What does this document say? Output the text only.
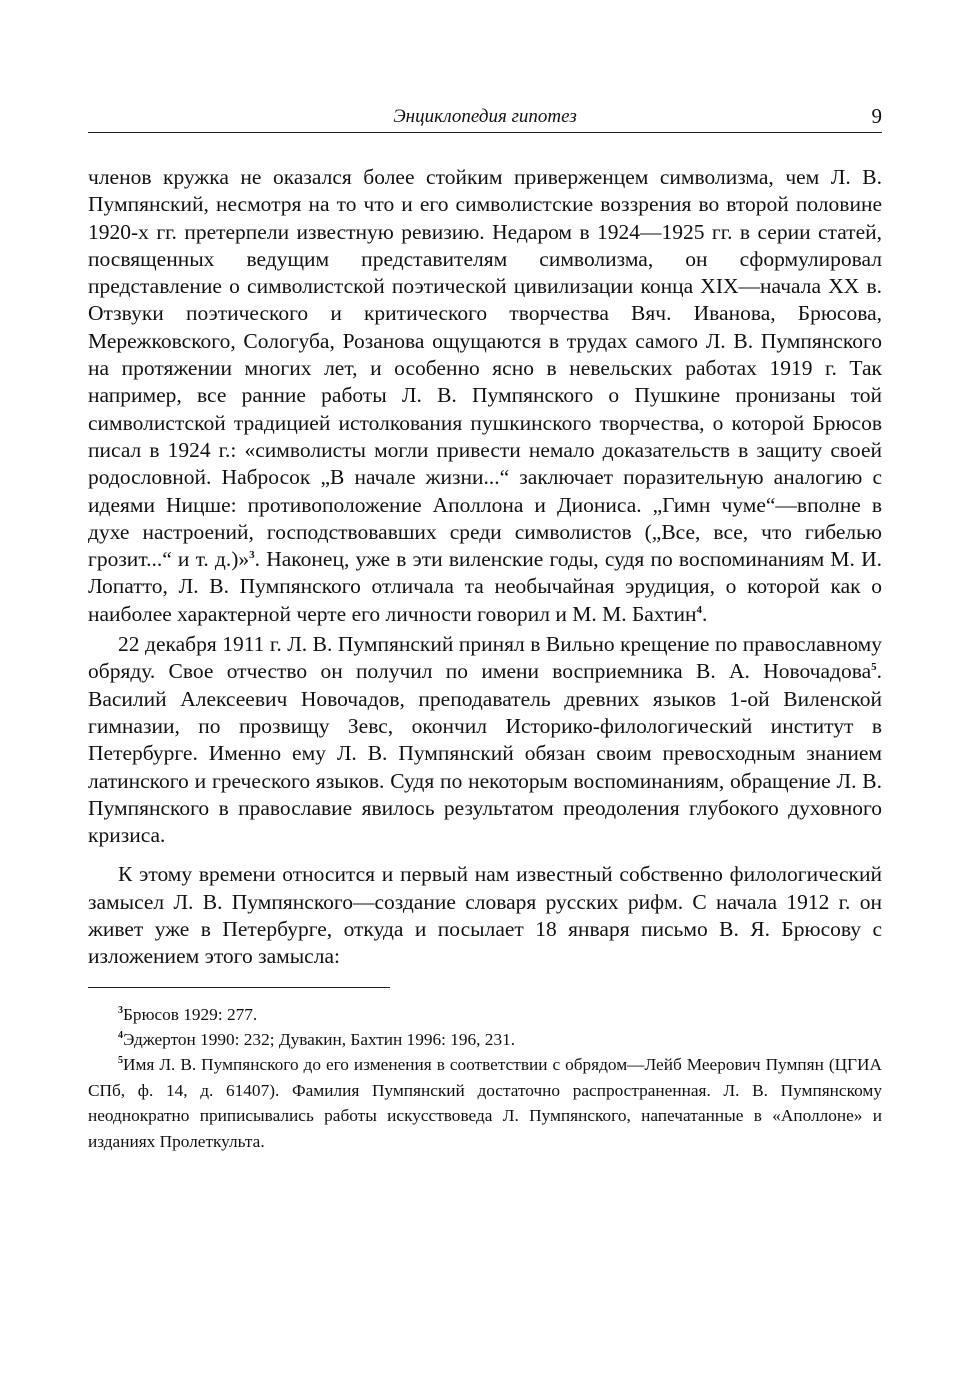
Энциклопедия гипотез	9

членов кружка не оказался более стойким приверженцем символизма, чем Л. В. Пумпянский, несмотря на то что и его символистские воззрения во второй половине 1920-х гг. претерпели известную ревизию. Недаром в 1924—1925 гг. в серии статей, посвященных ведущим представителям символизма, он сформулировал представление о символистской поэтической цивилизации конца XIX—начала XX в. Отзвуки поэтического и критического творчества Вяч. Иванова, Брюсова, Мережковского, Сологуба, Розанова ощущаются в трудах самого Л. В. Пумпянского на протяжении многих лет, и особенно ясно в невельских работах 1919 г. Так например, все ранние работы Л. В. Пумпянского о Пушкине пронизаны той символистской традицией истолкования пушкинского творчества, о которой Брюсов писал в 1924 г.: «символисты могли привести немало доказательств в защиту своей родословной. Набросок „В начале жизни...“ заключает поразительную аналогию с идеями Ницше: противоположение Аполлона и Диониса. „Гимн чуме“—вполне в духе настроений, господствовавших среди символистов („Все, все, что гибелью грозит...“ и т. д.)»$^3$. Наконец, уже в эти виленские годы, судя по воспоминаниям М. И. Лопатто, Л. В. Пумпянского отличала та необычайная эрудиция, о которой как о наиболее характерной черте его личности говорил и М. М. Бахтин$^4$.

22 декабря 1911 г. Л. В. Пумпянский принял в Вильно крещение по православному обряду. Свое отчество он получил по имени восприемника В. А. Новочадова$^5$. Василий Алексеевич Новочадов, преподаватель древних языков 1-ой Виленской гимназии, по прозвищу Зевс, окончил Историко-филологический институт в Петербурге. Именно ему Л. В. Пумпянский обязан своим превосходным знанием латинского и греческого языков. Судя по некоторым воспоминаниям, обращение Л. В. Пумпянского в православие явилось результатом преодоления глубокого духовного кризиса.

К этому времени относится и первый нам известный собственно филологический замысел Л. В. Пумпянского—создание словаря русских рифм. С начала 1912 г. он живет уже в Петербурге, откуда и посылает 18 января письмо В. Я. Брюсову с изложением этого замысла:

$^3$Брюсов 1929: 277.

$^4$Эджертон 1990: 232; Дувакин, Бахтин 1996: 196, 231.

$^5$Имя Л. В. Пумпянского до его изменения в соответствии с обрядом—Лейб Меерович Пумпян (ЦГИА СПб, ф. 14, д. 61407). Фамилия Пумпянский достаточно распространенная. Л. В. Пумпянскому неоднократно приписывались работы искусствоведа Л. Пумпянского, напечатанные в «Аполлоне» и изданиях Пролеткульта.
